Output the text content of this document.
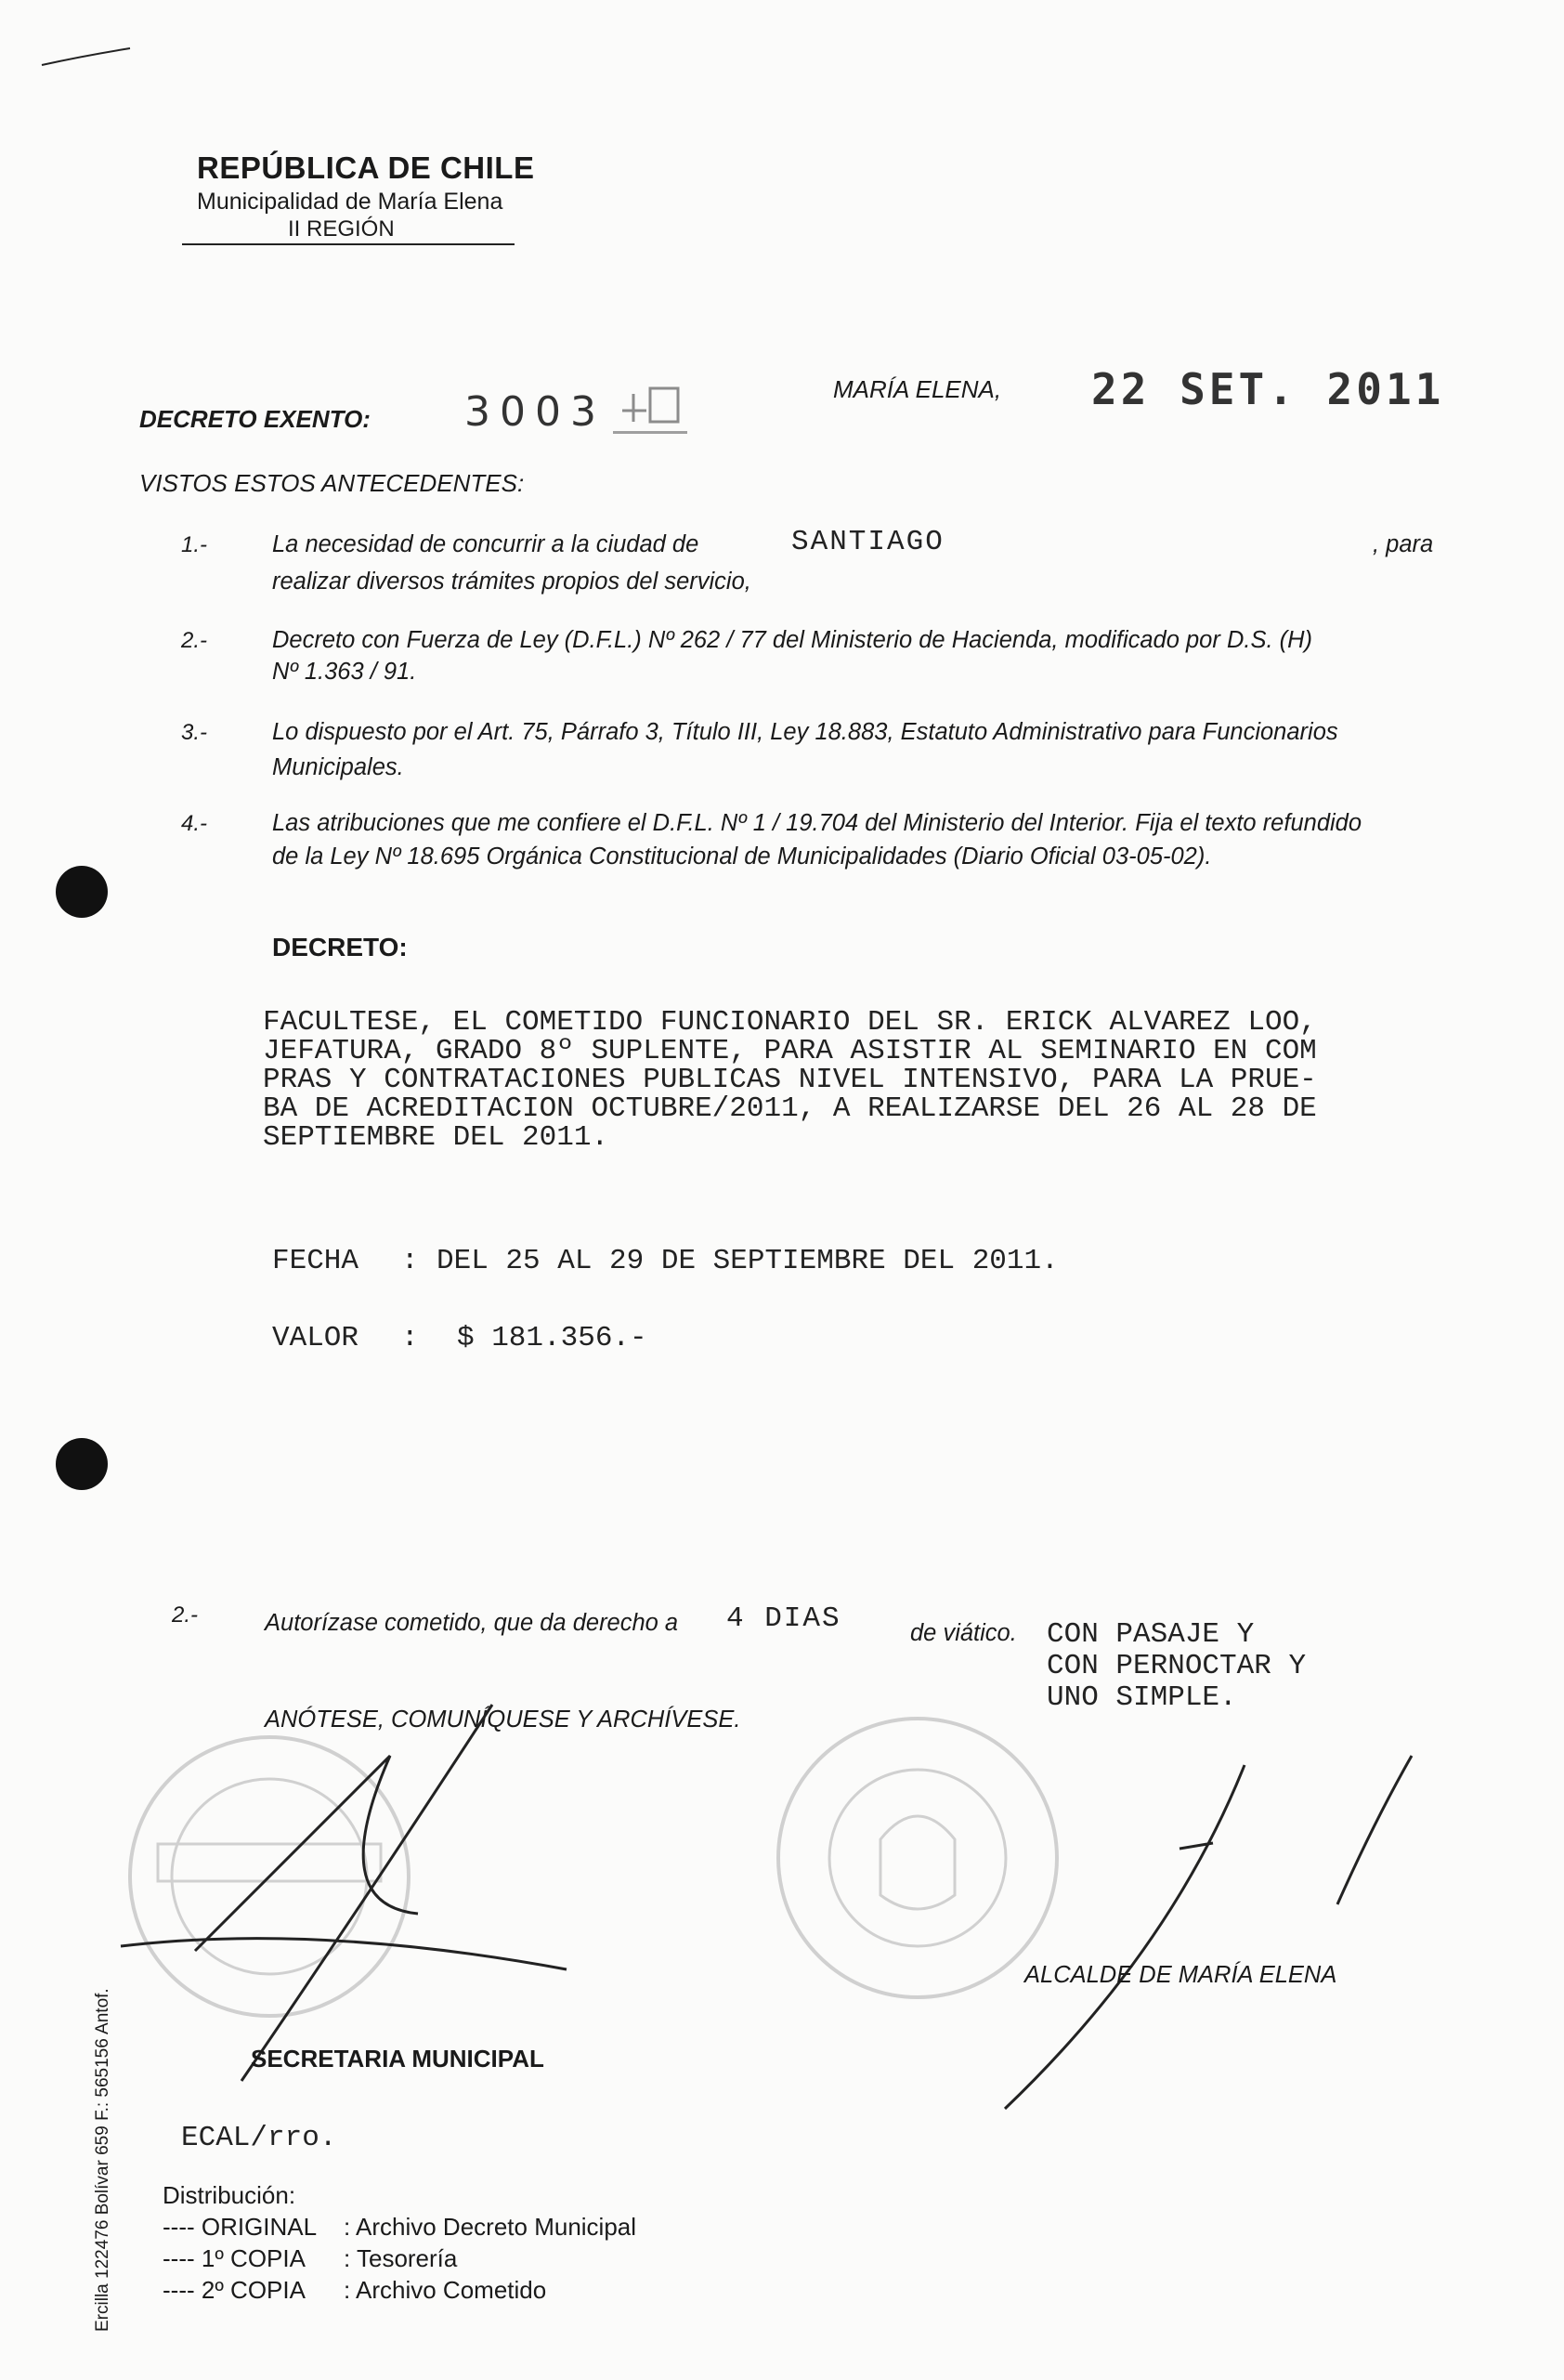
REPÚBLICA DE CHILE
Municipalidad de María Elena
II REGIÓN
DECRETO EXENTO: 3003	MARÍA ELENA, 22 SET. 2011
VISTOS ESTOS ANTECEDENTES:
1.-	La necesidad de concurrir a la ciudad de	SANTIAGO	, para
realizar diversos trámites propios del servicio,
2.-	Decreto con Fuerza de Ley (D.F.L.) Nº 262 / 77 del Ministerio de Hacienda, modificado por D.S. (H)
Nº 1.363 / 91.
3.-	Lo dispuesto por el Art. 75, Párrafo 3, Título III, Ley 18.883, Estatuto Administrativo para Funcionarios
Municipales.
4.-	Las atribuciones que me confiere el D.F.L. Nº 1 / 19.704 del Ministerio del Interior. Fija el texto refundido
de la Ley Nº 18.695 Orgánica Constitucional de Municipalidades (Diario Oficial 03-05-02).
DECRETO:
FACULTESE, EL COMETIDO FUNCIONARIO DEL SR. ERICK ALVAREZ LOO,
JEFATURA, GRADO 8º SUPLENTE, PARA ASISTIR AL SEMINARIO EN COM
PRAS Y CONTRATACIONES PUBLICAS NIVEL INTENSIVO, PARA LA PRUE-
BA DE ACREDITACION OCTUBRE/2011, A REALIZARSE DEL 26 AL 28 DE
SEPTIEMBRE DEL 2011.
FECHA : DEL 25 AL 29 DE SEPTIEMBRE DEL 2011.
VALOR : $ 181.356.-
2.-	Autorízase cometido, que da derecho a 4 DIAS	de viático. CON PASAJE Y
CON PERNOCTAR Y
UNO SIMPLE.
ANÓTESE, COMUNÍQUESE Y ARCHÍVESE.
ALCALDE DE MARÍA ELENA
SECRETARIA MUNICIPAL
ECAL/rro.
Distribución:
---- ORIGINAL : Archivo Decreto Municipal
---- 1º COPIA : Tesorería
---- 2º COPIA : Archivo Cometido
Ercilla 122476 Bolívar 659 F.: 565156 Antof.
